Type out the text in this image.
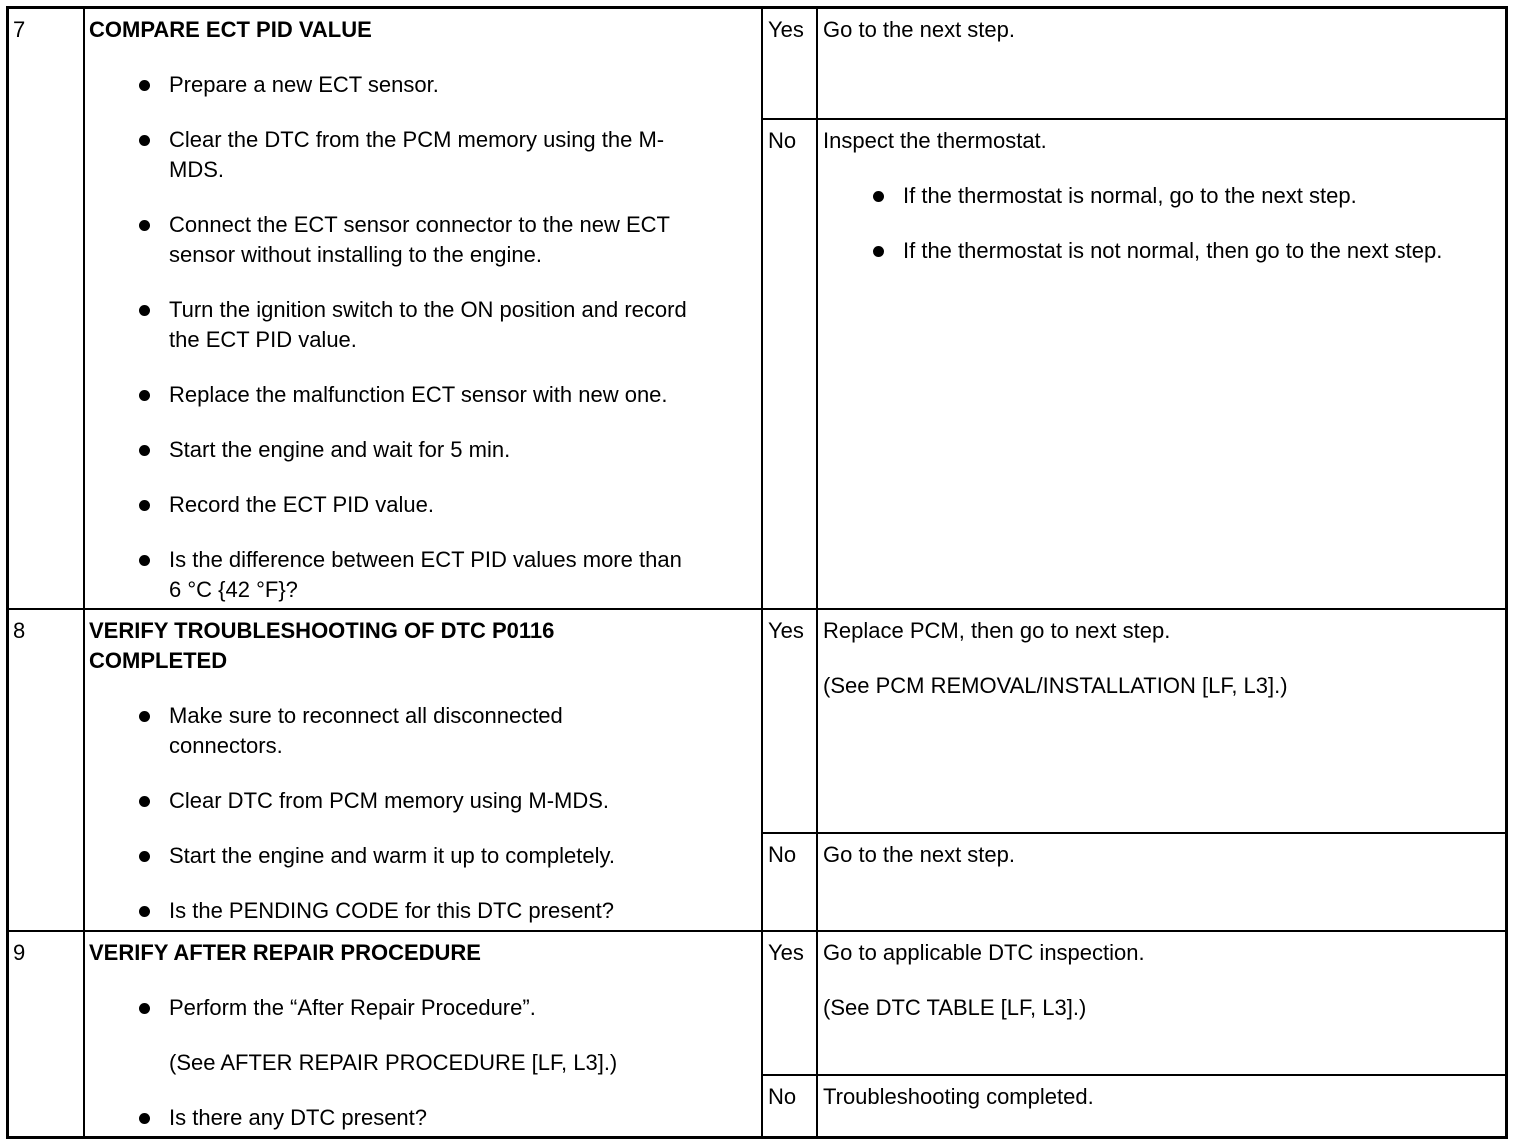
7	COMPARE ECT PID VALUE
Prepare a new ECT sensor.
Clear the DTC from the PCM memory using the M-MDS.
Connect the ECT sensor connector to the new ECT sensor without installing to the engine.
Turn the ignition switch to the ON position and record the ECT PID value.
Replace the malfunction ECT sensor with new one.
Start the engine and wait for 5 min.
Record the ECT PID value.
Is the difference between ECT PID values more than 6 °C {42 °F}?
Yes Go to the next step.
No	Inspect the thermostat.
If the thermostat is normal, go to the next step.
If the thermostat is not normal, then go to the next step.
8	VERIFY TROUBLESHOOTING OF DTC P0116 COMPLETED
Make sure to reconnect all disconnected connectors.
Clear DTC from PCM memory using M-MDS.
Start the engine and warm it up to completely.
Is the PENDING CODE for this DTC present?
Yes Replace PCM, then go to next step.
(See PCM REMOVAL/INSTALLATION [LF, L3].)
No	Go to the next step.
9	VERIFY AFTER REPAIR PROCEDURE
Perform the “After Repair Procedure”.
(See AFTER REPAIR PROCEDURE [LF, L3].)
Is there any DTC present?
Yes Go to applicable DTC inspection.
(See DTC TABLE [LF, L3].)
No	Troubleshooting completed.
